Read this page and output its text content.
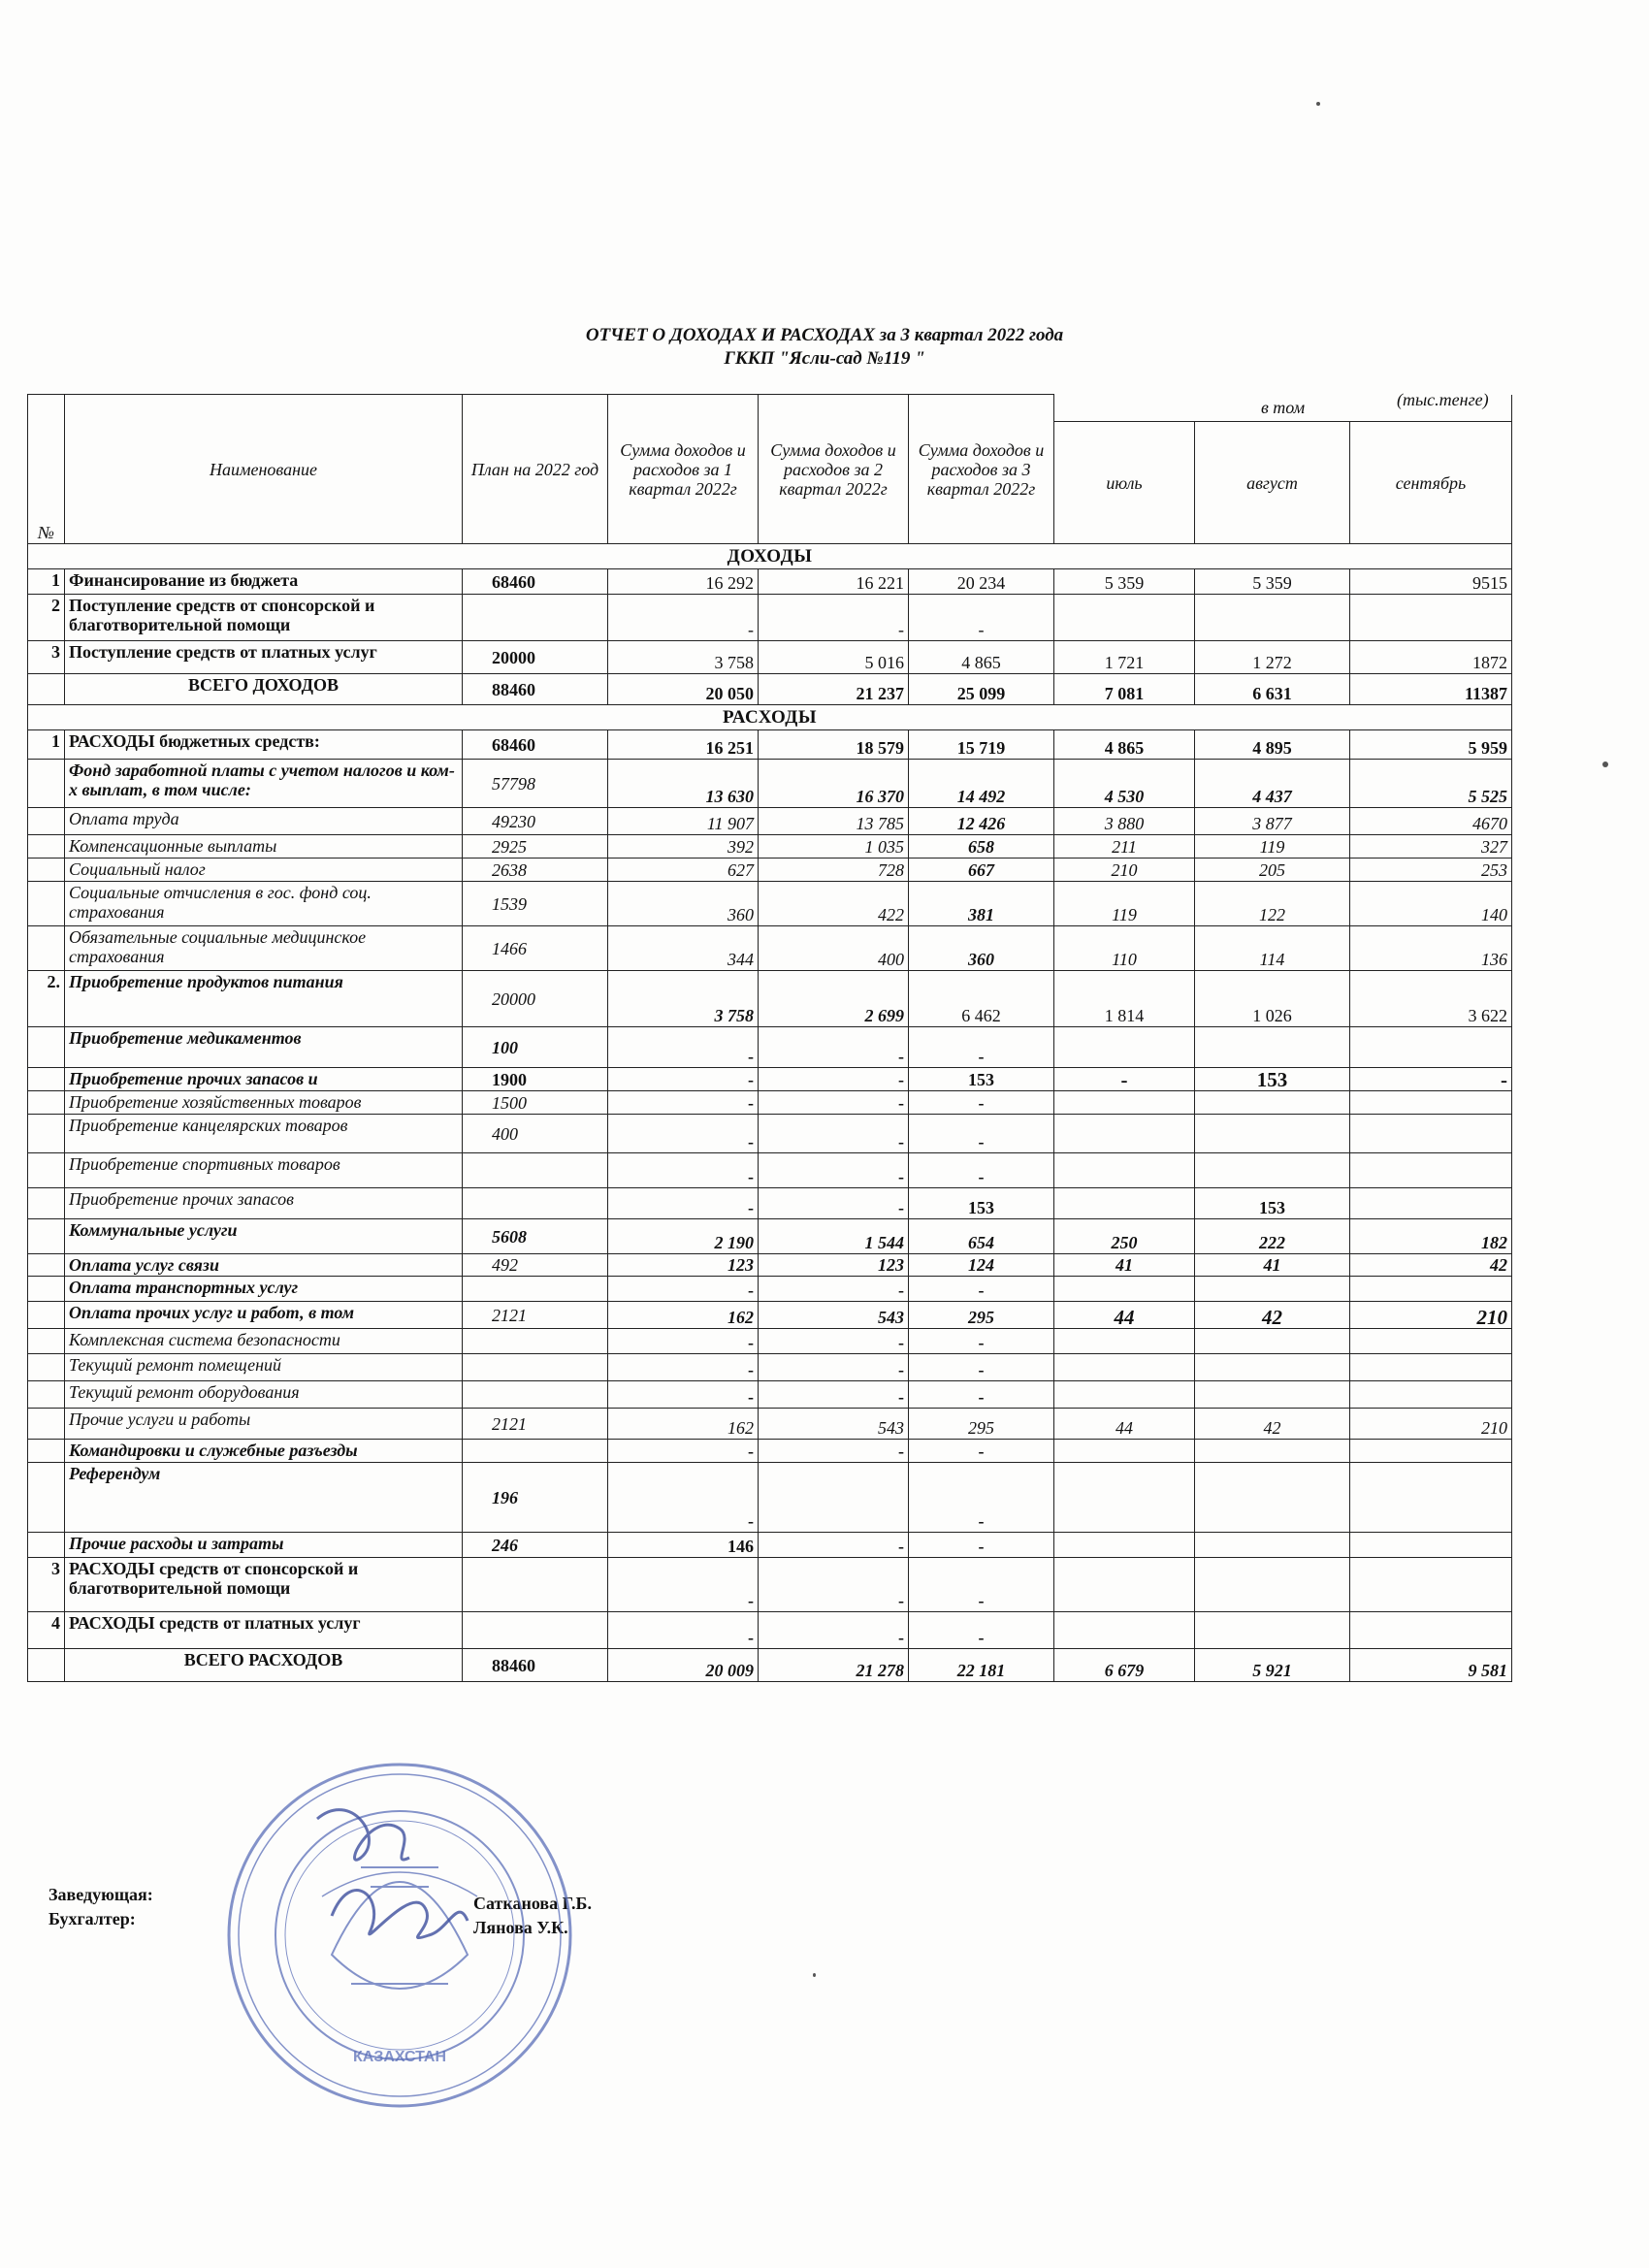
ОТЧЕТ О ДОХОДАХ И РАСХОДАХ за 3 квартал 2022 года
ГККП "Ясли-сад №119 "
(тыс.тенге)
№	Наименование	План на 2022 год	Сумма доходов и расходов за 1 квартал 2022г	Сумма доходов и расходов за 2 квартал 2022г	Сумма доходов и расходов за 3 квартал 2022г	в том		
						июль	август	сентябрь
ДОХОДЫ								
1	Финансирование из бюджета	68460	16 292	16 221	20 234	5 359	5 359	9515
2	Поступление средств от спонсорской и благотворительной помощи		-	-	-			
3	Поступление средств от платных услуг	20000	3 758	5 016	4 865	1 721	1 272	1872
	ВСЕГО ДОХОДОВ	88460	20 050	21 237	25 099	7 081	6 631	11387
РАСХОДЫ								
1	РАСХОДЫ бюджетных средств:	68460	16 251	18 579	15 719	4 865	4 895	5 959
	Фонд заработной платы с учетом налогов и ком-х выплат, в том числе:	57798	13 630	16 370	14 492	4 530	4 437	5 525
	Оплата труда	49230	11 907	13 785	12 426	3 880	3 877	4670
	Компенсационные выплаты	2925	392	1 035	658	211	119	327
	Социальный налог	2638	627	728	667	210	205	253
	Социальные отчисления в гос. фонд соц. страхования	1539	360	422	381	119	122	140
	Обязательные социальные медицинское страхования	1466	344	400	360	110	114	136
2.	Приобретение продуктов питания	20000	3 758	2 699	6 462	1 814	1 026	3 622
	Приобретение медикаментов	100	-	-	-			
	Приобретение прочих запасов и	1900	-	-	153	-	153	-
	Приобретение хозяйственных товаров	1500	-	-	-			
	Приобретение канцелярских товаров	400	-	-	-			
	Приобретение спортивных товаров		-	-	-			
	Приобретение прочих запасов		-	-	153		153	
	Коммунальные услуги	5608	2 190	1 544	654	250	222	182
	Оплата услуг связи	492	123	123	124	41	41	42
	Оплата транспортных услуг		-	-	-			
	Оплата прочих услуг и работ, в том	2121	162	543	295	44	42	210
	Комплексная система безопасности		-	-	-			
	Текущий ремонт помещений		-	-	-			
	Текущий ремонт оборудования		-	-	-			
	Прочие услуги и работы	2121	162	543	295	44	42	210
	Командировки и служебные разъезды		-	-	-			
	Референдум	196	-		-			
	Прочие расходы и затраты	246	146	-	-			
3	РАСХОДЫ средств от спонсорской и благотворительной помощи		-	-	-			
4	РАСХОДЫ средств от платных услуг		-	-	-			
	ВСЕГО РАСХОДОВ	88460	20 009	21 278	22 181	6 679	5 921	9 581
Заведующая:
Бухгалтер:
Сатканова Г.Б.
Лянова У.К.
КАЗАХСТАН
